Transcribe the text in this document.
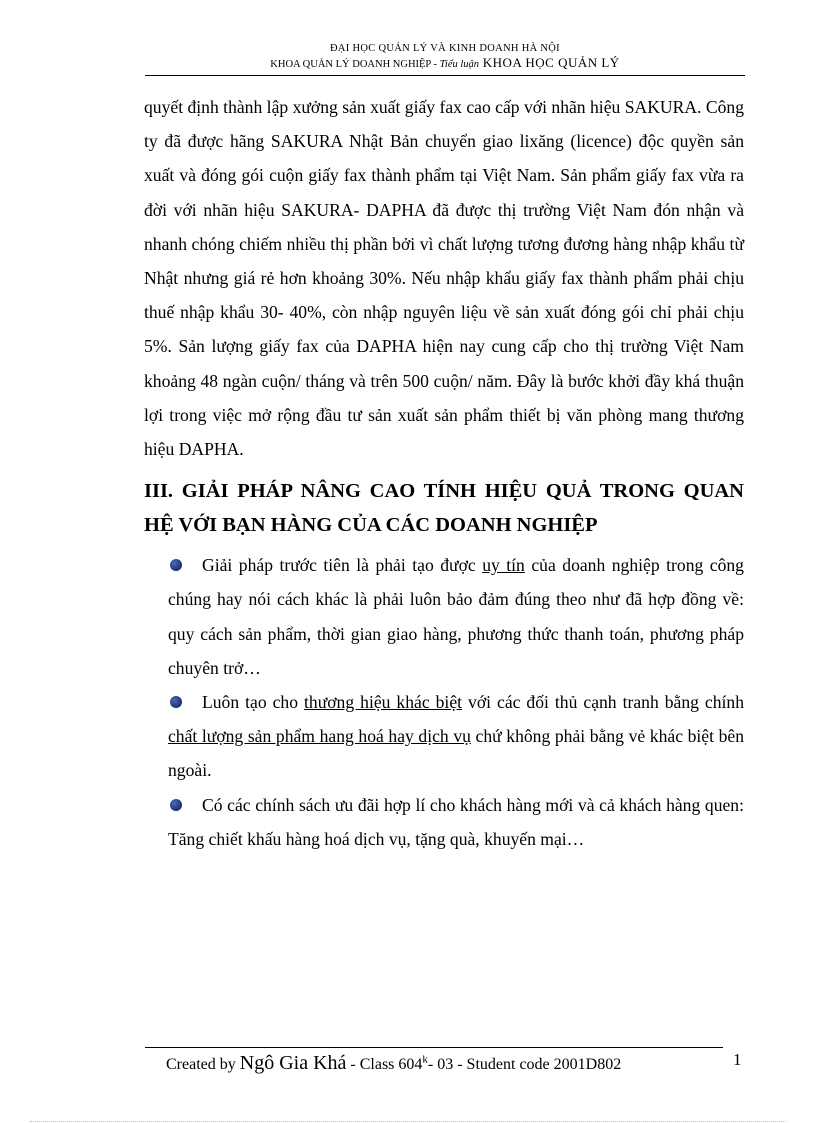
ĐẠI HỌC QUẢN LÝ VÀ KINH DOANH HÀ NỘI
KHOA QUẢN LÝ DOANH NGHIỆP - Tiểu luận KHOA HỌC QUẢN LÝ

quyết định thành lập xưởng sản xuất giấy fax cao cấp với nhãn hiệu SAKURA. Công ty đã được hãng SAKURA Nhật Bản chuyển giao lixăng (licence) độc quyền sản xuất và đóng gói cuộn giấy fax thành phẩm tại Việt Nam. Sản phẩm giấy fax vừa ra đời với nhãn hiệu SAKURA- DAPHA đã được thị trường Việt Nam đón nhận và nhanh chóng chiếm nhiều thị phần bởi vì chất lượng tương đương hàng nhập khẩu từ Nhật nhưng giá rẻ hơn khoảng 30%. Nếu nhập khẩu giấy fax thành phẩm phải chịu thuế nhập khẩu 30- 40%, còn nhập nguyên liệu về sản xuất đóng gói chỉ phải chịu 5%. Sản lượng giấy fax của DAPHA hiện nay cung cấp cho thị trường Việt Nam khoảng 48 ngàn cuộn/ tháng và trên 500 cuộn/ năm. Đây là bước khởi đầy khá thuận lợi trong việc mở rộng đầu tư sản xuất sản phẩm thiết bị văn phòng mang thương hiệu DAPHA.

III. GIẢI PHÁP NÂNG CAO TÍNH HIỆU QUẢ TRONG QUAN HỆ VỚI BẠN HÀNG CỦA CÁC DOANH NGHIỆP
Giải pháp trước tiên là phải tạo được uy tín của doanh nghiệp trong công chúng hay nói cách khác là phải luôn bảo đảm đúng theo như đã hợp đồng về: quy cách sản phẩm, thời gian giao hàng, phương thức thanh toán, phương pháp chuyên trở…
Luôn tạo cho thương hiệu khác biệt với các đối thủ cạnh tranh bằng chính chất lượng sản phẩm hang hoá hay dịch vụ chứ không phải bằng vẻ khác biệt bên ngoài.
Có các chính sách ưu đãi hợp lí cho khách hàng mới và cả khách hàng quen: Tăng chiết khấu hàng hoá dịch vụ, tặng quà, khuyến mại…
Created by Ngô Gia Khá - Class 604$^k$- 03 - Student code 2001D802	1
